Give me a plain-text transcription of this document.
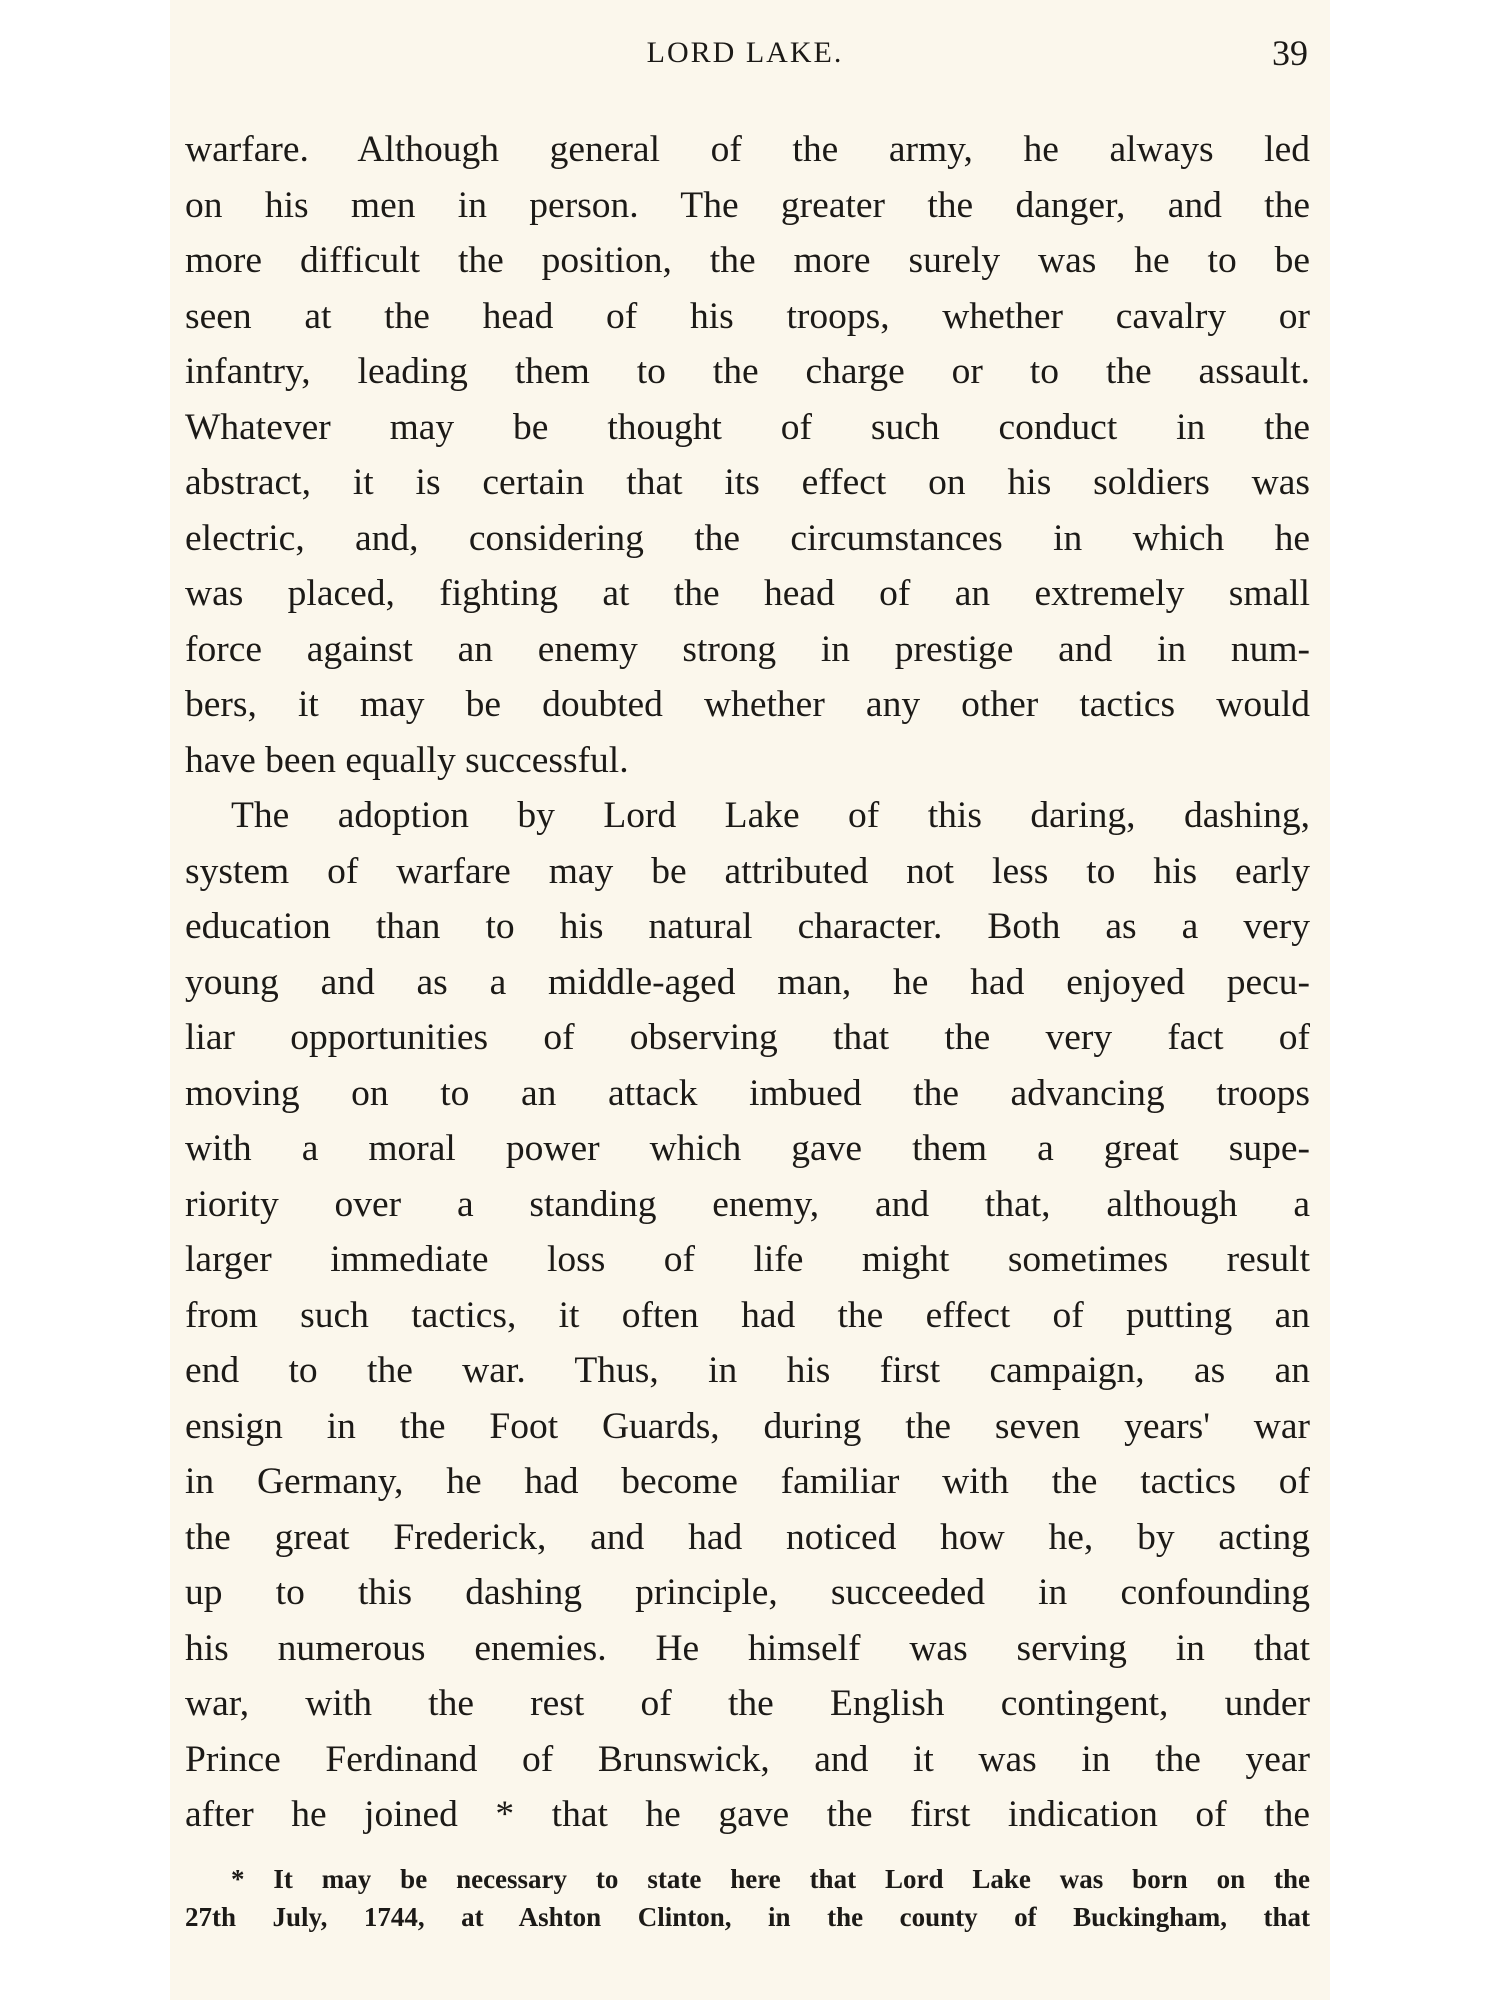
LORD LAKE.	39
warfare. Although general of the army, he always led
on his men in person. The greater the danger, and the
more difficult the position, the more surely was he to be
seen at the head of his troops, whether cavalry or
infantry, leading them to the charge or to the assault.
Whatever may be thought of such conduct in the
abstract, it is certain that its effect on his soldiers was
electric, and, considering the circumstances in which he
was placed, fighting at the head of an extremely small
force against an enemy strong in prestige and in num-
bers, it may be doubted whether any other tactics would
have been equally successful.
The adoption by Lord Lake of this daring, dashing,
system of warfare may be attributed not less to his early
education than to his natural character. Both as a very
young and as a middle-aged man, he had enjoyed pecu-
liar opportunities of observing that the very fact of
moving on to an attack imbued the advancing troops
with a moral power which gave them a great supe-
riority over a standing enemy, and that, although a
larger immediate loss of life might sometimes result
from such tactics, it often had the effect of putting an
end to the war. Thus, in his first campaign, as an
ensign in the Foot Guards, during the seven years' war
in Germany, he had become familiar with the tactics of
the great Frederick, and had noticed how he, by acting
up to this dashing principle, succeeded in confounding
his numerous enemies. He himself was serving in that
war, with the rest of the English contingent, under
Prince Ferdinand of Brunswick, and it was in the year
after he joined * that he gave the first indication of the
* It may be necessary to state here that Lord Lake was born on the
27th July, 1744, at Ashton Clinton, in the county of Buckingham, that
